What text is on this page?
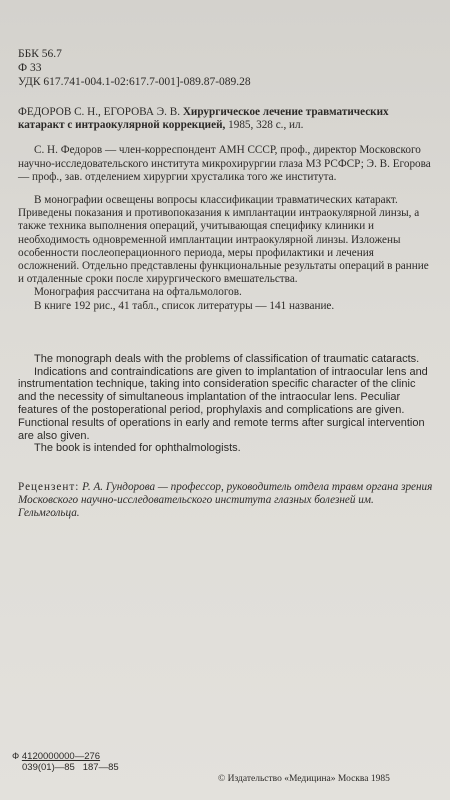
ББК 56.7
Ф 33
УДК 617.741-004.1-02:617.7-001]-089.87-089.28
ФЕДОРОВ С. Н., ЕГОРОВА Э. В. Хирургическое лечение травматических катаракт с интраокулярной коррекцией, 1985, 328 с., ил.

С. Н. Федоров — член-корреспондент АМН СССР, проф., директор Московского научно-исследовательского института микрохирургии глаза МЗ РСФСР; Э. В. Егорова — проф., зав. отделением хирургии хрусталика того же института.

В монографии освещены вопросы классификации травматических катаракт. Приведены показания и противопоказания к имплантации интраокулярной линзы, а также техника выполнения операций, учитывающая специфику клиники и необходимость одновременной имплантации интраокулярной линзы. Изложены особенности послеоперационного периода, меры профилактики и лечения осложнений. Отдельно представлены функциональные результаты операций в ранние и отдаленные сроки после хирургического вмешательства.

Монография рассчитана на офтальмологов.

В книге 192 рис., 41 табл., список литературы — 141 название.

The monograph deals with the problems of classification of traumatic cataracts.

Indications and contraindications are given to implantation of intraocular lens and instrumentation technique, taking into consideration specific character of the clinic and the necessity of simultaneous implantation of the intraocular lens. Peculiar features of the postoperational period, prophylaxis and complications are given. Functional results of operations in early and remote terms after surgical intervention are also given.

The book is intended for ophthalmologists.

Рецензент: Р. А. Гундорова — профессор, руководитель отдела травм органа зрения Московского научно-исследовательского института глазных болезней им. Гельмгольца.
Ф 4120000000—276
039(01)—85 187—85
© Издательство «Медицина» Москва 1985
